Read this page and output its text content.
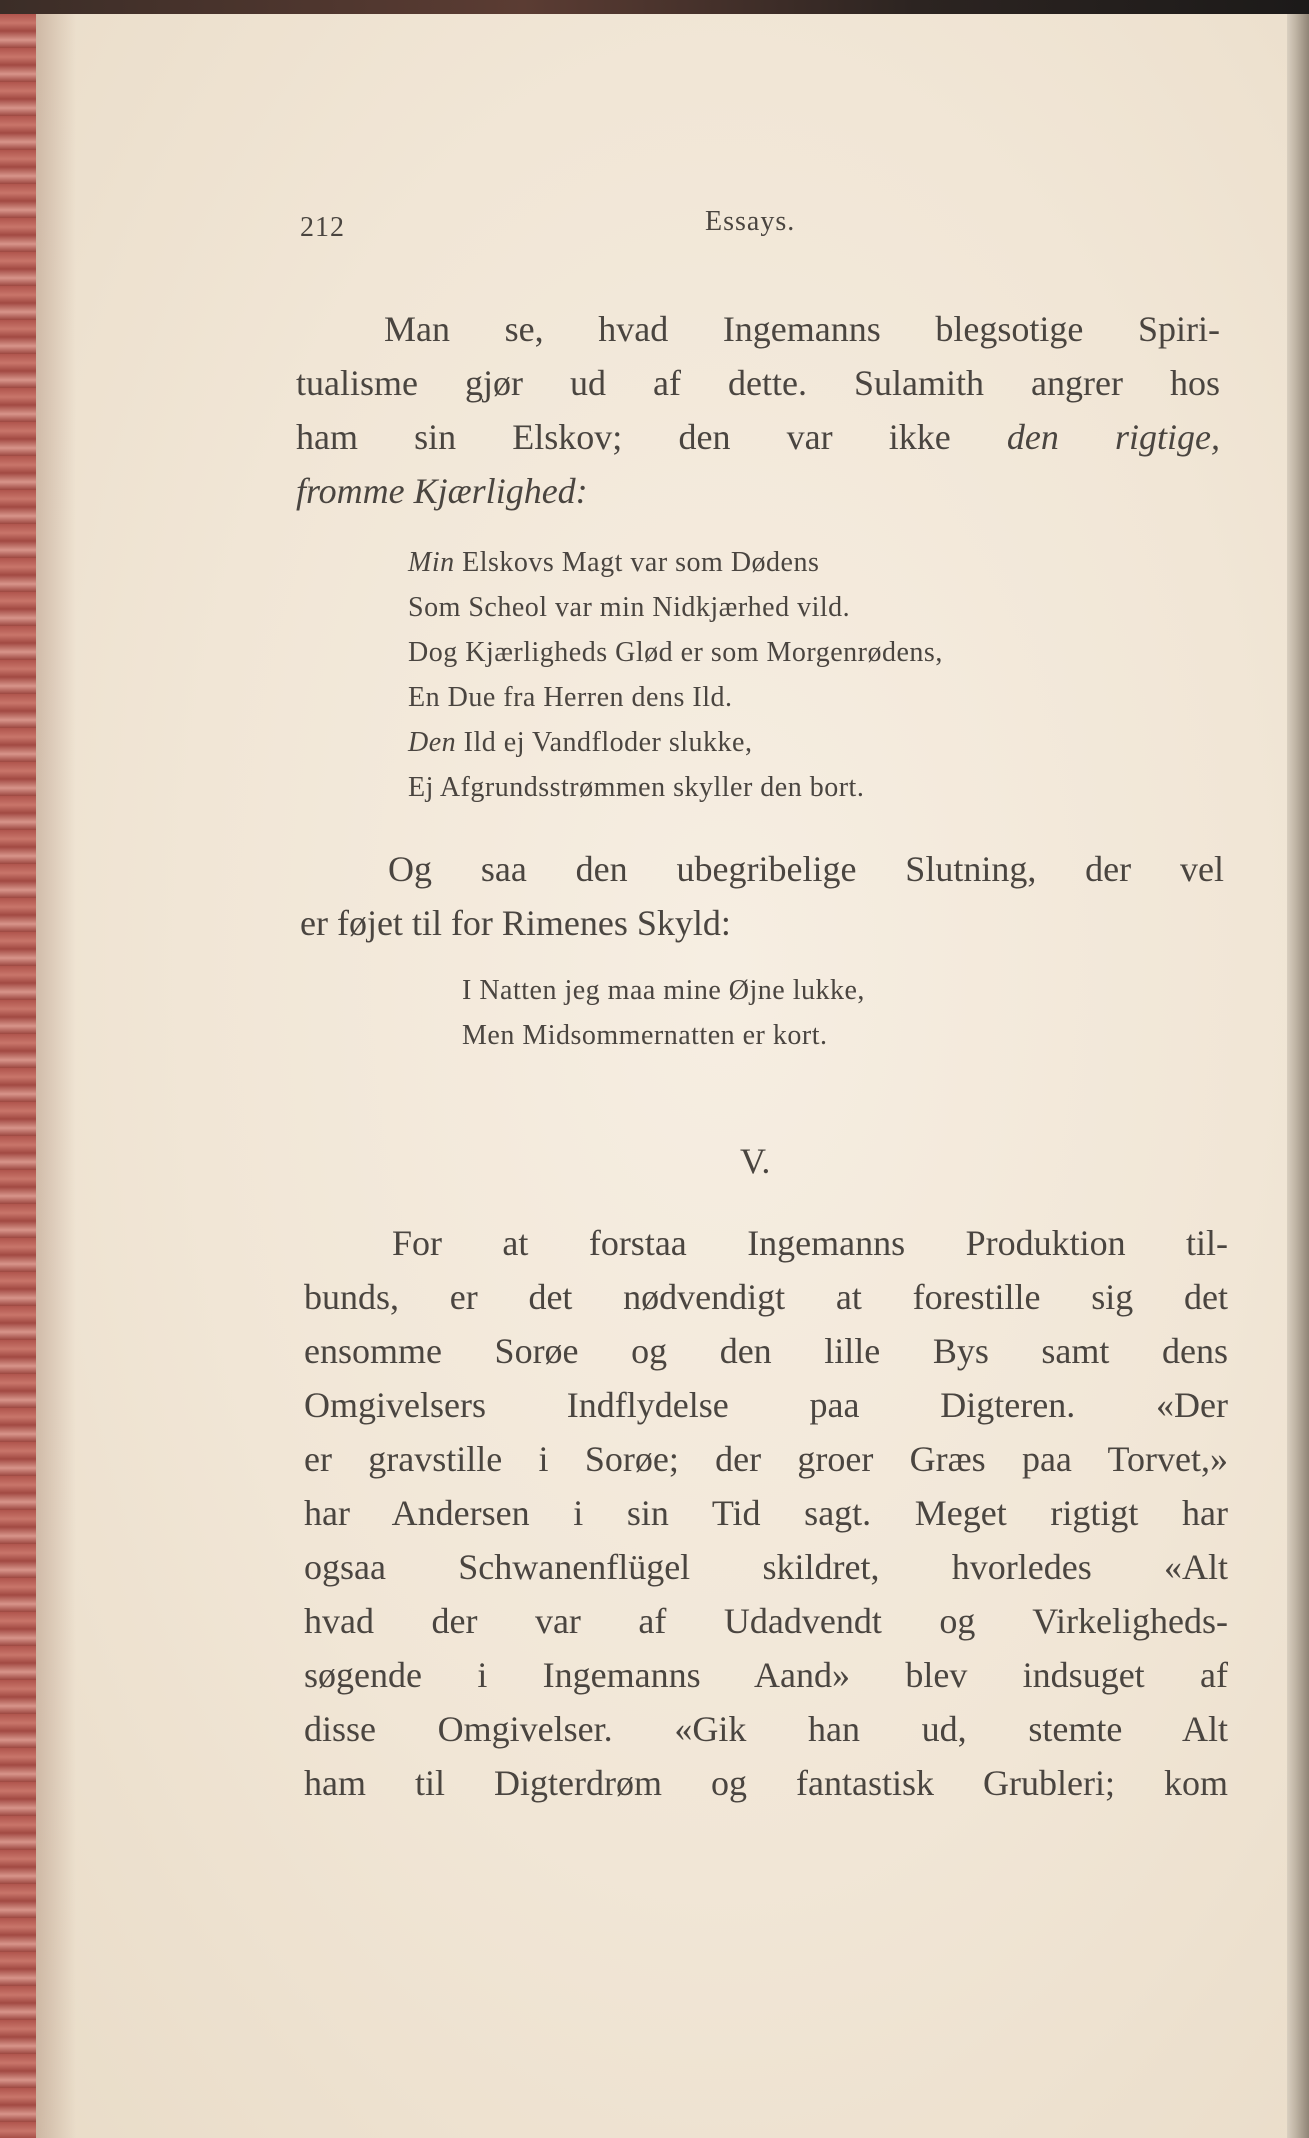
212	Essays.
Man se, hvad Ingemanns blegsotige Spiri-
tualisme gjør ud af dette. Sulamith angrer hos
ham sin Elskov; den var ikke den rigtige,
fromme Kjærlighed:
Min Elskovs Magt var som Dødens
Som Scheol var min Nidkjærhed vild.
Dog Kjærligheds Glød er som Morgenrødens,
En Due fra Herren dens Ild.
Den Ild ej Vandfloder slukke,
Ej Afgrundsstrømmen skyller den bort.
Og saa den ubegribelige Slutning, der vel
er føjet til for Rimenes Skyld:
I Natten jeg maa mine Øjne lukke,
Men Midsommernatten er kort.
V.
For at forstaa Ingemanns Produktion til-
bunds, er det nødvendigt at forestille sig det
ensomme Sorøe og den lille Bys samt dens
Omgivelsers Indflydelse paa Digteren. «Der
er gravstille i Sorøe; der groer Græs paa Torvet,»
har Andersen i sin Tid sagt. Meget rigtigt har
ogsaa Schwanenflügel skildret, hvorledes «Alt
hvad der var af Udadvendt og Virkeligheds-
søgende i Ingemanns Aand» blev indsuget af
disse Omgivelser. «Gik han ud, stemte Alt
ham til Digterdrøm og fantastisk Grubleri; kom
